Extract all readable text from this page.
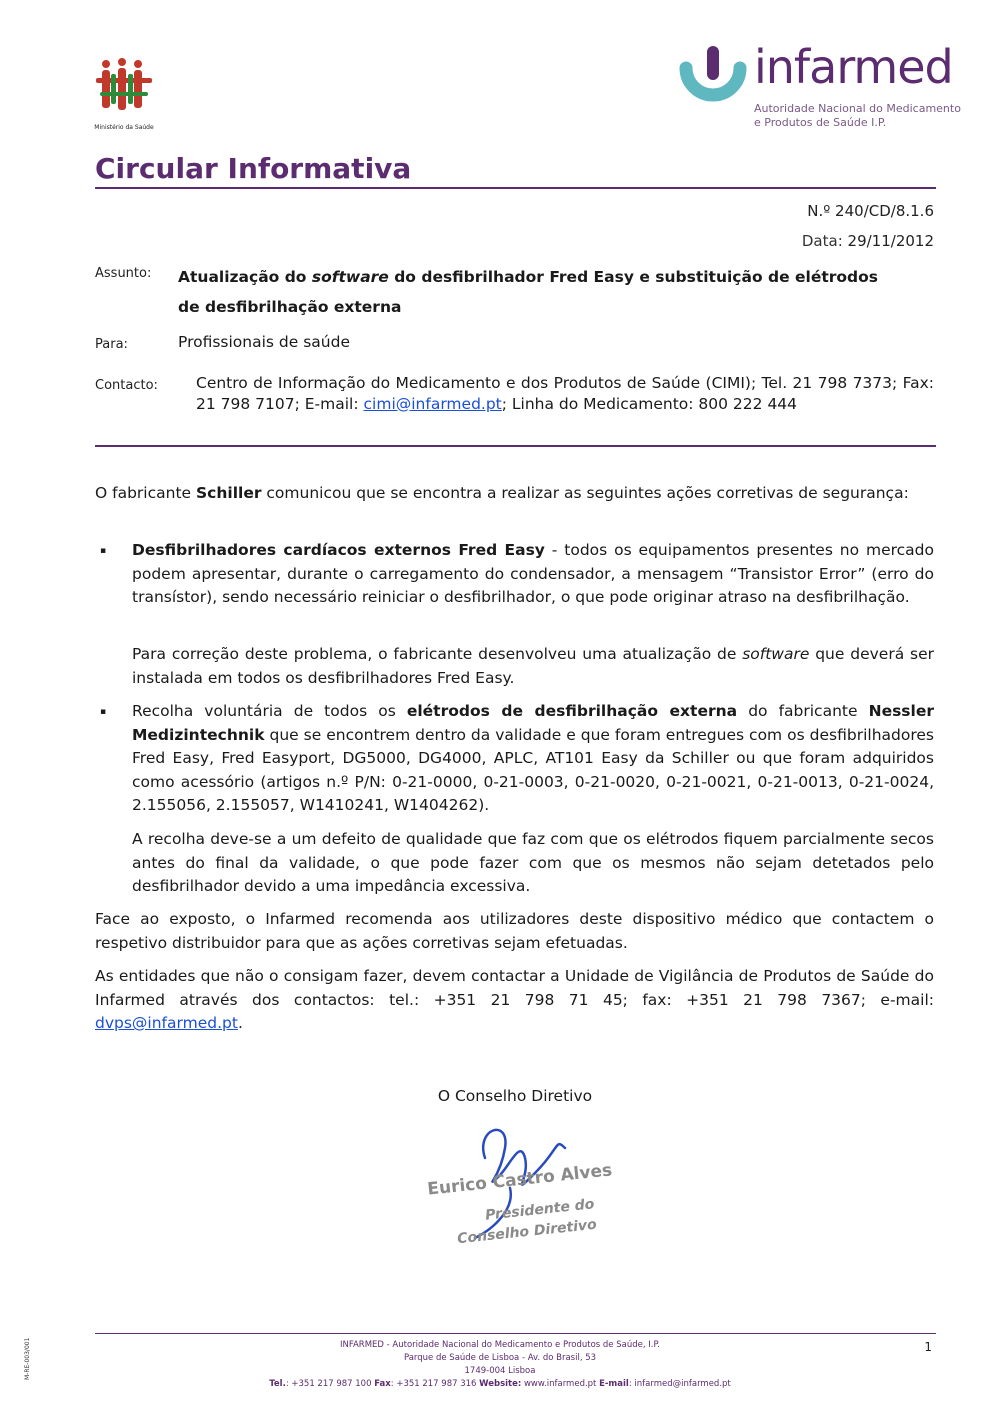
Ministério da Saúde
infarmed
Autoridade Nacional do Medicamento
e Produtos de Saúde I.P.
Circular Informativa
N.º 240/CD/8.1.6
Data: 29/11/2012
Assunto: Atualização do software do desfibrilhador Fred Easy e substituição de elétrodos
de desfibrilhação externa
Para:	Profissionais de saúde
Contacto: Centro de Informação do Medicamento e dos Produtos de Saúde (CIMI); Tel. 21 798 7373; Fax: 21 798 7107; E-mail: cimi@infarmed.pt; Linha do Medicamento: 800 222 444
O fabricante Schiller comunicou que se encontra a realizar as seguintes ações corretivas de segurança:
▪ Desfibrilhadores cardíacos externos Fred Easy - todos os equipamentos presentes no mercado podem apresentar, durante o carregamento do condensador, a mensagem “Transistor Error” (erro do transístor), sendo necessário reiniciar o desfibrilhador, o que pode originar atraso na desfibrilhação.
Para correção deste problema, o fabricante desenvolveu uma atualização de software que deverá ser instalada em todos os desfibrilhadores Fred Easy.
▪ Recolha voluntária de todos os elétrodos de desfibrilhação externa do fabricante Nessler Medizintechnik que se encontrem dentro da validade e que foram entregues com os desfibrilhadores Fred Easy, Fred Easyport, DG5000, DG4000, APLC, AT101 Easy da Schiller ou que foram adquiridos como acessório (artigos n.º P/N: 0-21-0000, 0-21-0003, 0-21-0020, 0-21-0021, 0-21-0013, 0-21-0024, 2.155056, 2.155057, W1410241, W1404262).
A recolha deve-se a um defeito de qualidade que faz com que os elétrodos fiquem parcialmente secos antes do final da validade, o que pode fazer com que os mesmos não sejam detetados pelo desfibrilhador devido a uma impedância excessiva.
Face ao exposto, o Infarmed recomenda aos utilizadores deste dispositivo médico que contactem o respetivo distribuidor para que as ações corretivas sejam efetuadas.
As entidades que não o consigam fazer, devem contactar a Unidade de Vigilância de Produtos de Saúde do Infarmed através dos contactos: tel.: +351 21 798 71 45; fax: +351 21 798 7367; e-mail: dvps@infarmed.pt.
O Conselho Diretivo
Eurico Castro Alves
Presidente do
Conselho Diretivo
1
INFARMED - Autoridade Nacional do Medicamento e Produtos de Saúde, I.P.
Parque de Saúde de Lisboa - Av. do Brasil, 53
1749-004 Lisboa
Tel.: +351 217 987 100 Fax: +351 217 987 316 Website: www.infarmed.pt E-mail: infarmed@infarmed.pt
M-RE-003/001
